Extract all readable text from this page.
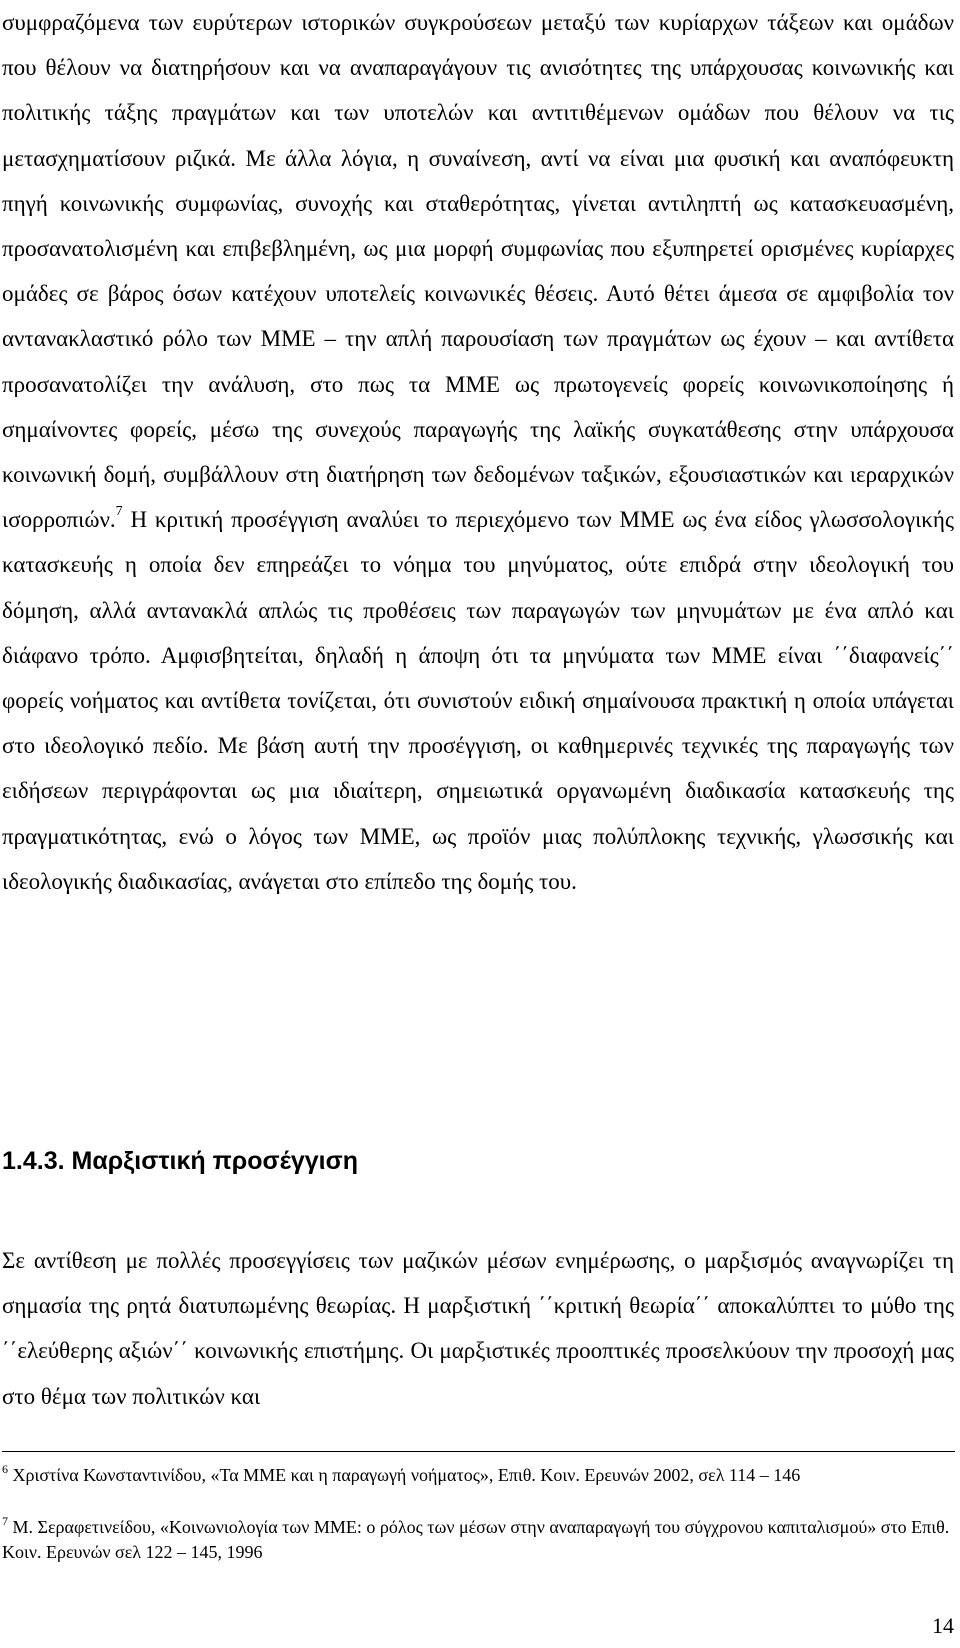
συμφραζόμενα των ευρύτερων ιστορικών συγκρούσεων μεταξύ των κυρίαρχων τάξεων και ομάδων που θέλουν να διατηρήσουν και να αναπαραγάγουν τις ανισότητες της υπάρχουσας κοινωνικής και πολιτικής τάξης πραγμάτων και των υποτελών και αντιτιθέμενων ομάδων που θέλουν να τις μετασχηματίσουν ριζικά. Με άλλα λόγια, η συναίνεση, αντί να είναι μια φυσική και αναπόφευκτη πηγή κοινωνικής συμφωνίας, συνοχής και σταθερότητας, γίνεται αντιληπτή ως κατασκευασμένη, προσανατολισμένη και επιβεβλημένη, ως μια μορφή συμφωνίας που εξυπηρετεί ορισμένες κυρίαρχες ομάδες σε βάρος όσων κατέχουν υποτελείς κοινωνικές θέσεις. Αυτό θέτει άμεσα σε αμφιβολία τον αντανακλαστικό ρόλο των ΜΜΕ – την απλή παρουσίαση των πραγμάτων ως έχουν – και αντίθετα προσανατολίζει την ανάλυση, στο πως τα ΜΜΕ ως πρωτογενείς φορείς κοινωνικοποίησης ή σημαίνοντες φορείς, μέσω της συνεχούς παραγωγής της λαϊκής συγκατάθεσης στην υπάρχουσα κοινωνική δομή, συμβάλλουν στη διατήρηση των δεδομένων ταξικών, εξουσιαστικών και ιεραρχικών ισορροπιών.$^7$ Η κριτική προσέγγιση αναλύει το περιεχόμενο των ΜΜΕ ως ένα είδος γλωσσολογικής κατασκευής η οποία δεν επηρεάζει το νόημα του μηνύματος, ούτε επιδρά στην ιδεολογική του δόμηση, αλλά αντανακλά απλώς τις προθέσεις των παραγωγών των μηνυμάτων με ένα απλό και διάφανο τρόπο. Αμφισβητείται, δηλαδή η άποψη ότι τα μηνύματα των ΜΜΕ είναι ΄΄διαφανείς΄΄ φορείς νοήματος και αντίθετα τονίζεται, ότι συνιστούν ειδική σημαίνουσα πρακτική η οποία υπάγεται στο ιδεολογικό πεδίο. Με βάση αυτή την προσέγγιση, οι καθημερινές τεχνικές της παραγωγής των ειδήσεων περιγράφονται ως μια ιδιαίτερη, σημειωτικά οργανωμένη διαδικασία κατασκευής της πραγματικότητας, ενώ ο λόγος των ΜΜΕ, ως προϊόν μιας πολύπλοκης τεχνικής, γλωσσικής και ιδεολογικής διαδικασίας, ανάγεται στο επίπεδο της δομής του.

1.4.3. Μαρξιστική προσέγγιση

Σε αντίθεση με πολλές προσεγγίσεις των μαζικών μέσων ενημέρωσης, ο μαρξισμός αναγνωρίζει τη σημασία της ρητά διατυπωμένης θεωρίας. Η μαρξιστική ΄΄κριτική θεωρία΄΄ αποκαλύπτει το μύθο της ΄΄ελεύθερης αξιών΄΄ κοινωνικής επιστήμης. Οι μαρξιστικές προοπτικές προσελκύουν την προσοχή μας στο θέμα των πολιτικών και

$^6$ Χριστίνα Κωνσταντινίδου, «Τα ΜΜΕ και η παραγωγή νοήματος», Επιθ. Κοιν. Ερευνών 2002, σελ 114 – 146

$^7$ Μ. Σεραφετινείδου, «Κοινωνιολογία των ΜΜΕ: ο ρόλος των μέσων στην αναπαραγωγή του σύγχρονου καπιταλισμού» στο Επιθ. Κοιν. Ερευνών σελ 122 – 145, 1996

14
